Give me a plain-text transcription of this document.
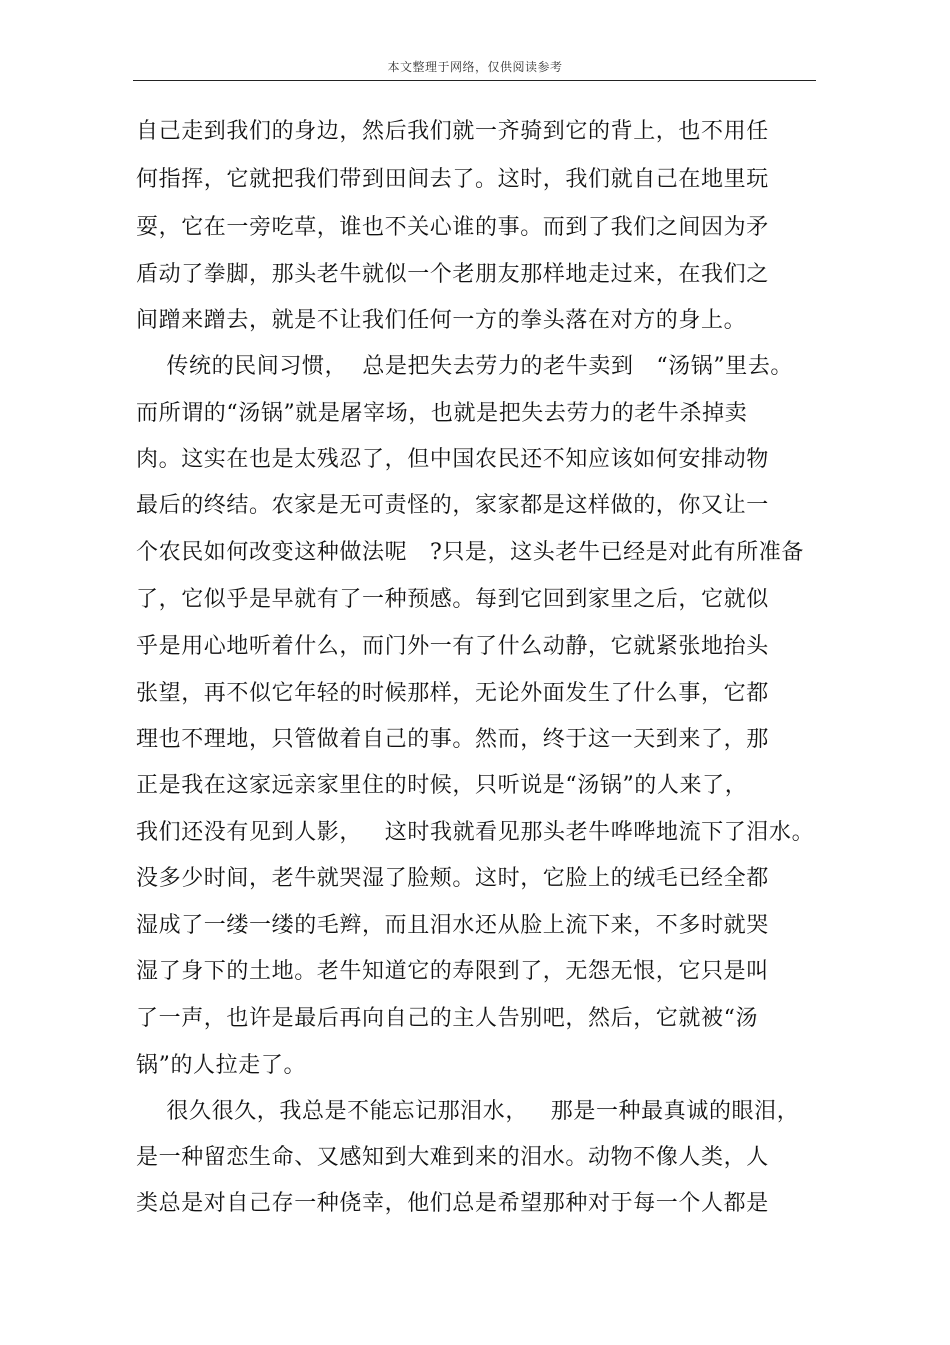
本文整理于网络，仅供阅读参考
自己走到我们的身边，然后我们就一齐骑到它的背上，也不用任
何指挥，它就把我们带到田间去了。这时，我们就自己在地里玩
耍，它在一旁吃草，谁也不关心谁的事。而到了我们之间因为矛
盾动了拳脚，那头老牛就似一个老朋友那样地走过来，在我们之
间蹭来蹭去，就是不让我们任何一方的拳头落在对方的身上。
传统的民间习惯，  总是把失去劳力的老牛卖到   “汤锅”里去。
而所谓的“汤锅”就是屠宰场，也就是把失去劳力的老牛杀掉卖
肉。这实在也是太残忍了，但中国农民还不知应该如何安排动物
最后的终结。农家是无可责怪的，家家都是这样做的，你又让一
个农民如何改变这种做法呢   ?只是，这头老牛已经是对此有所准备
了，它似乎是早就有了一种预感。每到它回到家里之后，它就似
乎是用心地听着什么，而门外一有了什么动静，它就紧张地抬头
张望，再不似它年轻的时候那样，无论外面发生了什么事，它都
理也不理地，只管做着自己的事。然而，终于这一天到来了，那
正是我在这家远亲家里住的时候，只听说是“汤锅”的人来了，
我们还没有见到人影，   这时我就看见那头老牛哗哗地流下了泪水。
没多少时间，老牛就哭湿了脸颊。这时，它脸上的绒毛已经全都
湿成了一缕一缕的毛辫，而且泪水还从脸上流下来，不多时就哭
湿了身下的土地。老牛知道它的寿限到了，无怨无恨，它只是叫
了一声，也许是最后再向自己的主人告别吧，然后，它就被“汤
锅”的人拉走了。
很久很久，我总是不能忘记那泪水，   那是一种最真诚的眼泪，
是一种留恋生命、又感知到大难到来的泪水。动物不像人类，人
类总是对自己存一种侥幸，他们总是希望那种对于每一个人都是
